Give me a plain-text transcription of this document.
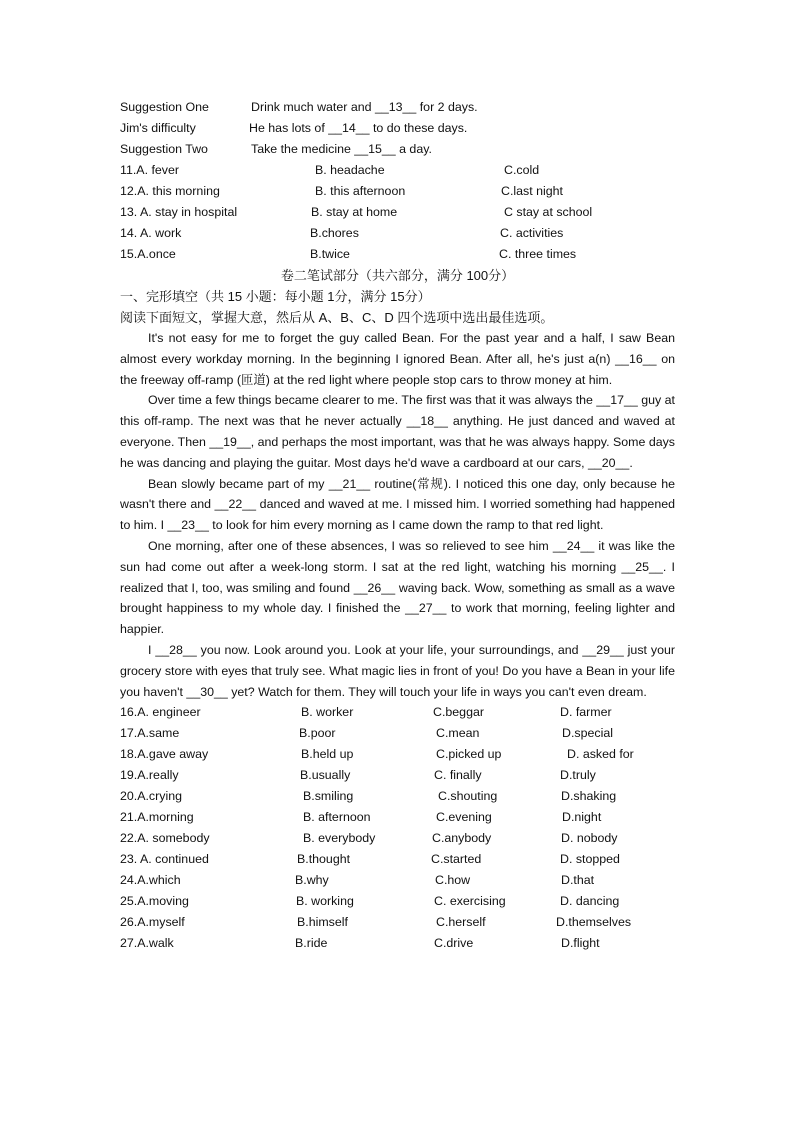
Suggestion One	Drink much water and __13__ for 2 days.
Jim's difficulty	He has lots of __14__ to do these days.
Suggestion Two	Take the medicine __15__ a day.
11.A. fever	B. headache	C.cold
12.A. this morning	B. this afternoon	C.last night
13. A. stay in hospital	B. stay at home	C stay at school
14. A. work	B.chores	C. activities
15.A.once	B.twice	C. three times
卷二笔试部分（共六部分，满分 100分）
一、完形填空（共 15 小题：每小题 1分，满分 15分）
阅读下面短文，掌握大意，然后从 A、B、C、D 四个选项中选出最佳选项。

It's not easy for me to forget the guy called Bean. For the past year and a half, I saw Bean almost every workday morning. In the beginning I ignored Bean. After all, he's just a(n) __16__ on the freeway off-ramp (匝道) at the red light where people stop cars to throw money at him.

Over time a few things became clearer to me. The first was that it was always the __17__ guy at this off-ramp. The next was that he never actually __18__ anything. He just danced and waved at everyone. Then __19__, and perhaps the most important, was that he was always happy. Some days he was dancing and playing the guitar. Most days he'd wave a cardboard at our cars, __20__.

Bean slowly became part of my __21__ routine(常规). I noticed this one day, only because he wasn't there and __22__ danced and waved at me. I missed him. I worried something had happened to him. I __23__ to look for him every morning as I came down the ramp to that red light.

One morning, after one of these absences, I was so relieved to see him __24__ it was like the sun had come out after a week-long storm. I sat at the red light, watching his morning __25__. I realized that I, too, was smiling and found __26__ waving back. Wow, something as small as a wave brought happiness to my whole day. I finished the __27__ to work that morning, feeling lighter and happier.

I __28__ you now. Look around you. Look at your life, your surroundings, and __29__ just your grocery store with eyes that truly see. What magic lies in front of you! Do you have a Bean in your life you haven't __30__ yet? Watch for them. They will touch your life in ways you can't even dream.

16.A. engineer	B. worker	C.beggar	D. farmer
17.A.same	B.poor	C.mean	D.special
18.A.gave away	B.held up	C.picked up	D. asked for
19.A.really	B.usually	C. finally	D.truly
20.A.crying	B.smiling	C.shouting	D.shaking
21.A.morning	B. afternoon	C.evening	D.night
22.A. somebody	B. everybody	C.anybody	D. nobody
23. A. continued	B.thought	C.started	D. stopped
24.A.which	B.why	C.how	D.that
25.A.moving	B. working	C. exercising	D. dancing
26.A.myself	B.himself	C.herself	D.themselves
27.A.walk	B.ride	C.drive	D.flight
